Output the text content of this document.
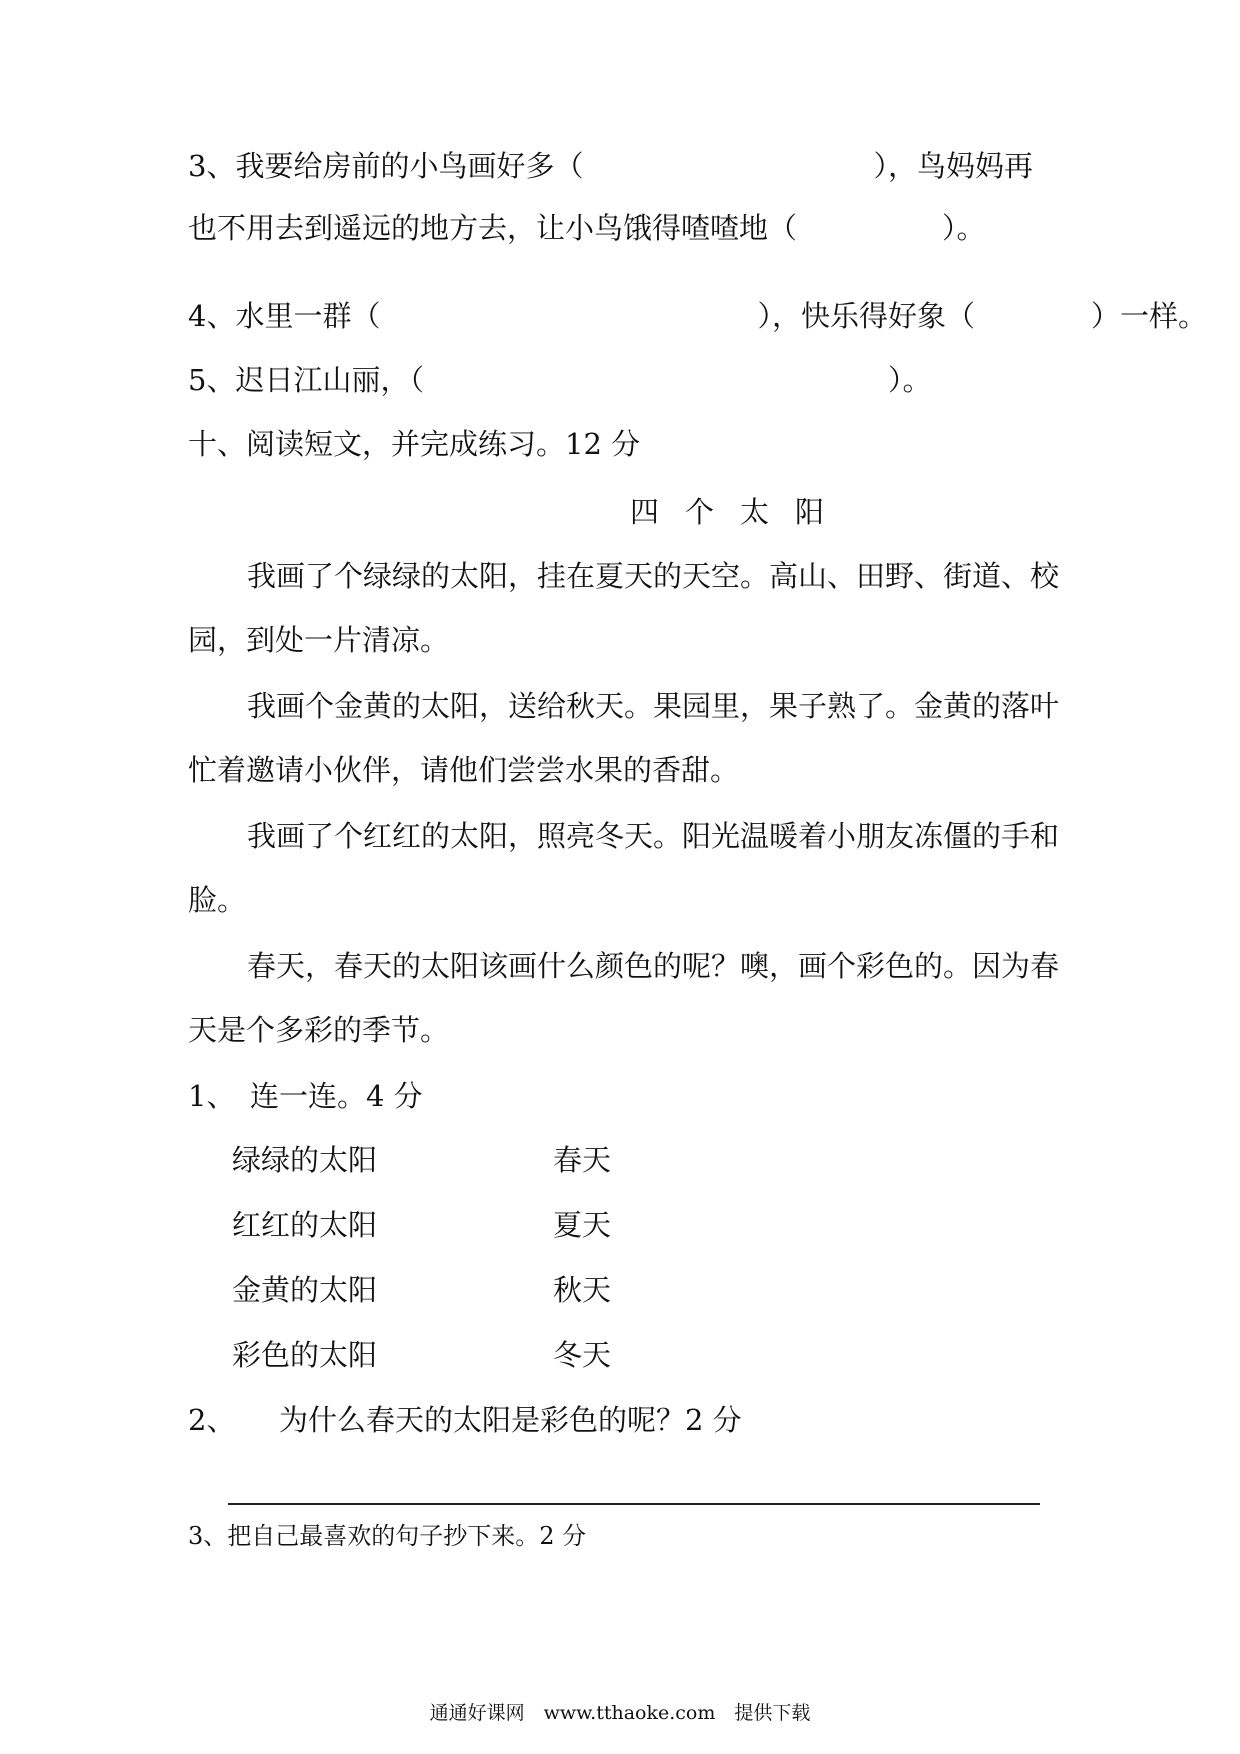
3、我要给房前的小鸟画好多（　　　　　　　　　　），鸟妈妈再
也不用去到遥远的地方去，让小鸟饿得喳喳地（　　　　　）。
4、水里一群（　　　　　　　　　　　　　），快乐得好象（　　　　）一样。
5、迟日江山丽，（　　　　　　　　　　　　　　　　）。
十、阅读短文，并完成练习。12 分
四个太阳
我画了个绿绿的太阳，挂在夏天的天空。高山、田野、街道、校
园，到处一片清凉。
我画个金黄的太阳，送给秋天。果园里，果子熟了。金黄的落叶
忙着邀请小伙伴，请他们尝尝水果的香甜。
我画了个红红的太阳，照亮冬天。阳光温暖着小朋友冻僵的手和
脸。
春天，春天的太阳该画什么颜色的呢？噢，画个彩色的。因为春
天是个多彩的季节。
1、　连一连。4 分
绿绿的太阳	春天
红红的太阳	夏天
金黄的太阳	秋天
彩色的太阳	冬天
2、　　为什么春天的太阳是彩色的呢？2 分
3、把自己最喜欢的句子抄下来。2 分
通通好课网　www.tthaoke.com　提供下载
